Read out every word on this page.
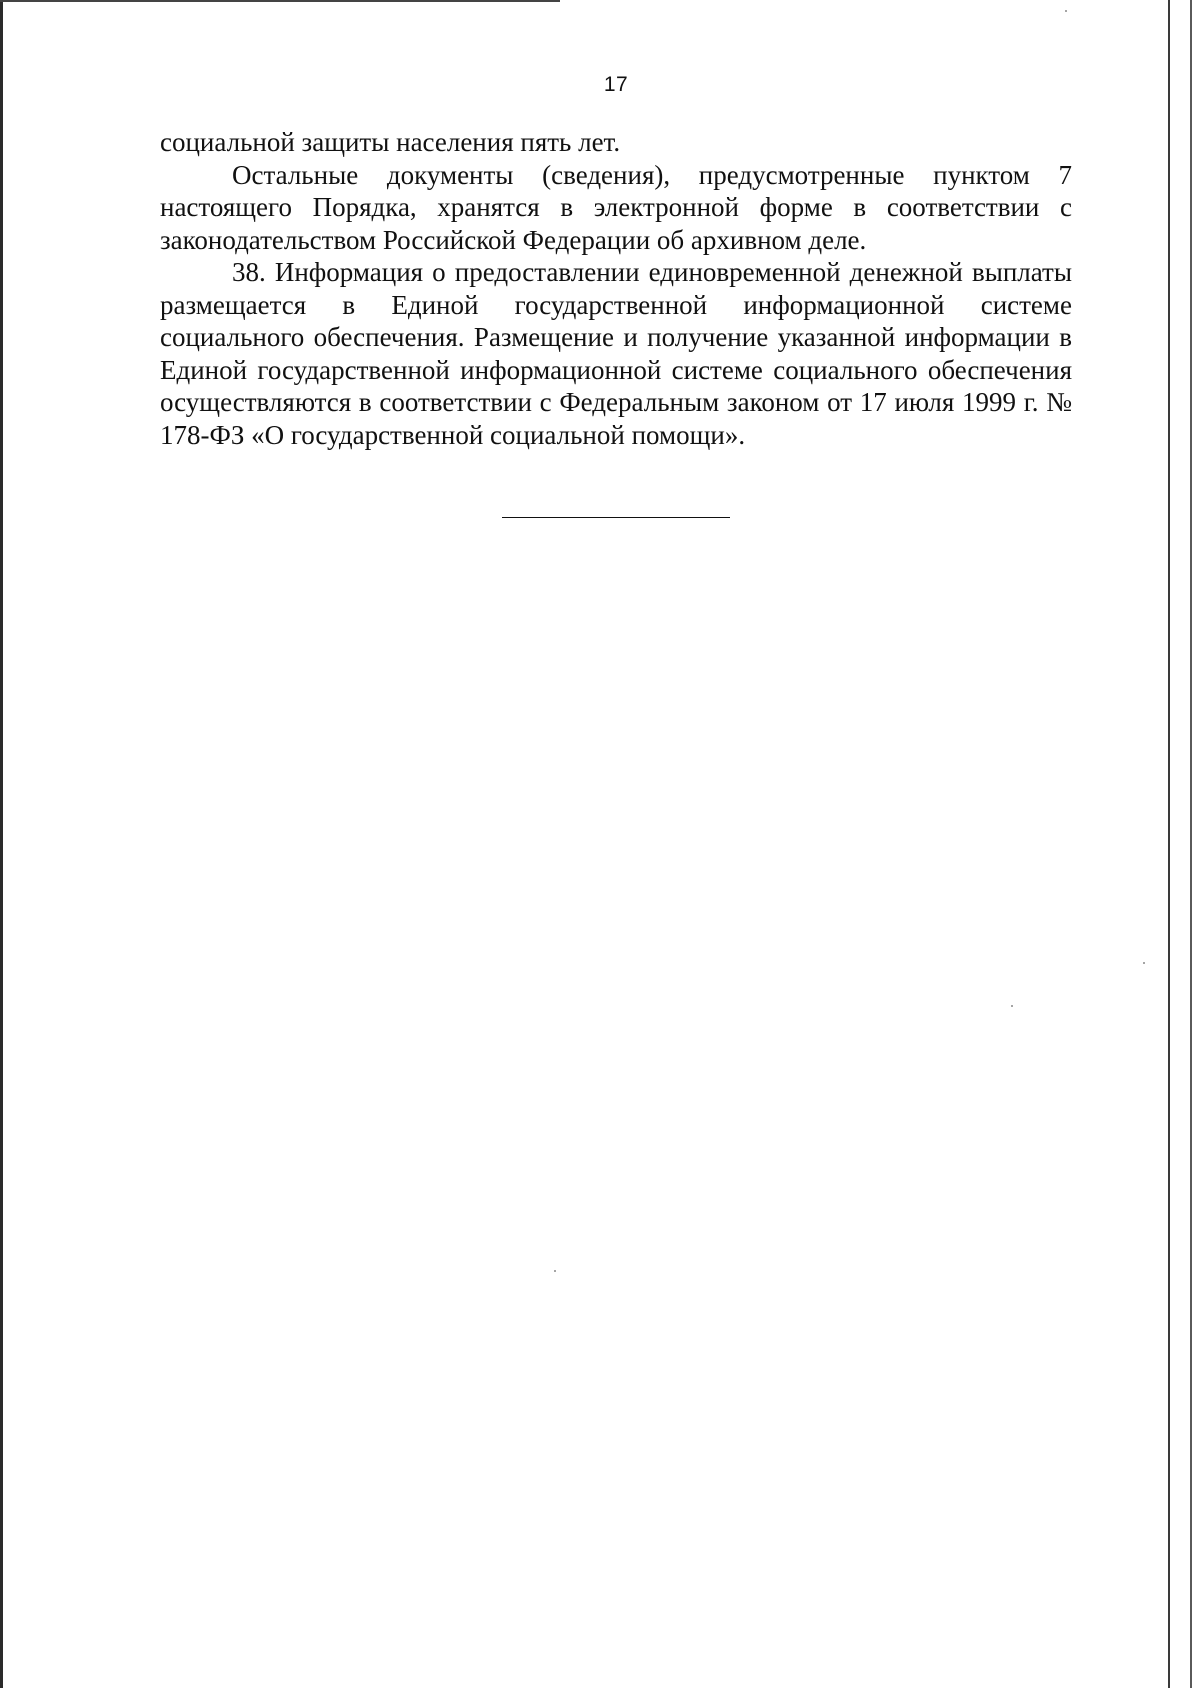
17

социальной защиты населения пять лет.

Остальные документы (сведения), предусмотренные пунктом 7 настоящего Порядка, хранятся в электронной форме в соответствии с законодательством Российской Федерации об архивном деле.

38. Информация о предоставлении единовременной денежной выплаты размещается в Единой государственной информационной системе социального обеспечения. Размещение и получение указанной информации в Единой государственной информационной системе социального обеспечения осуществляются в соответствии с Федеральным законом от 17 июля 1999 г. № 178-ФЗ «О государственной социальной помощи».
